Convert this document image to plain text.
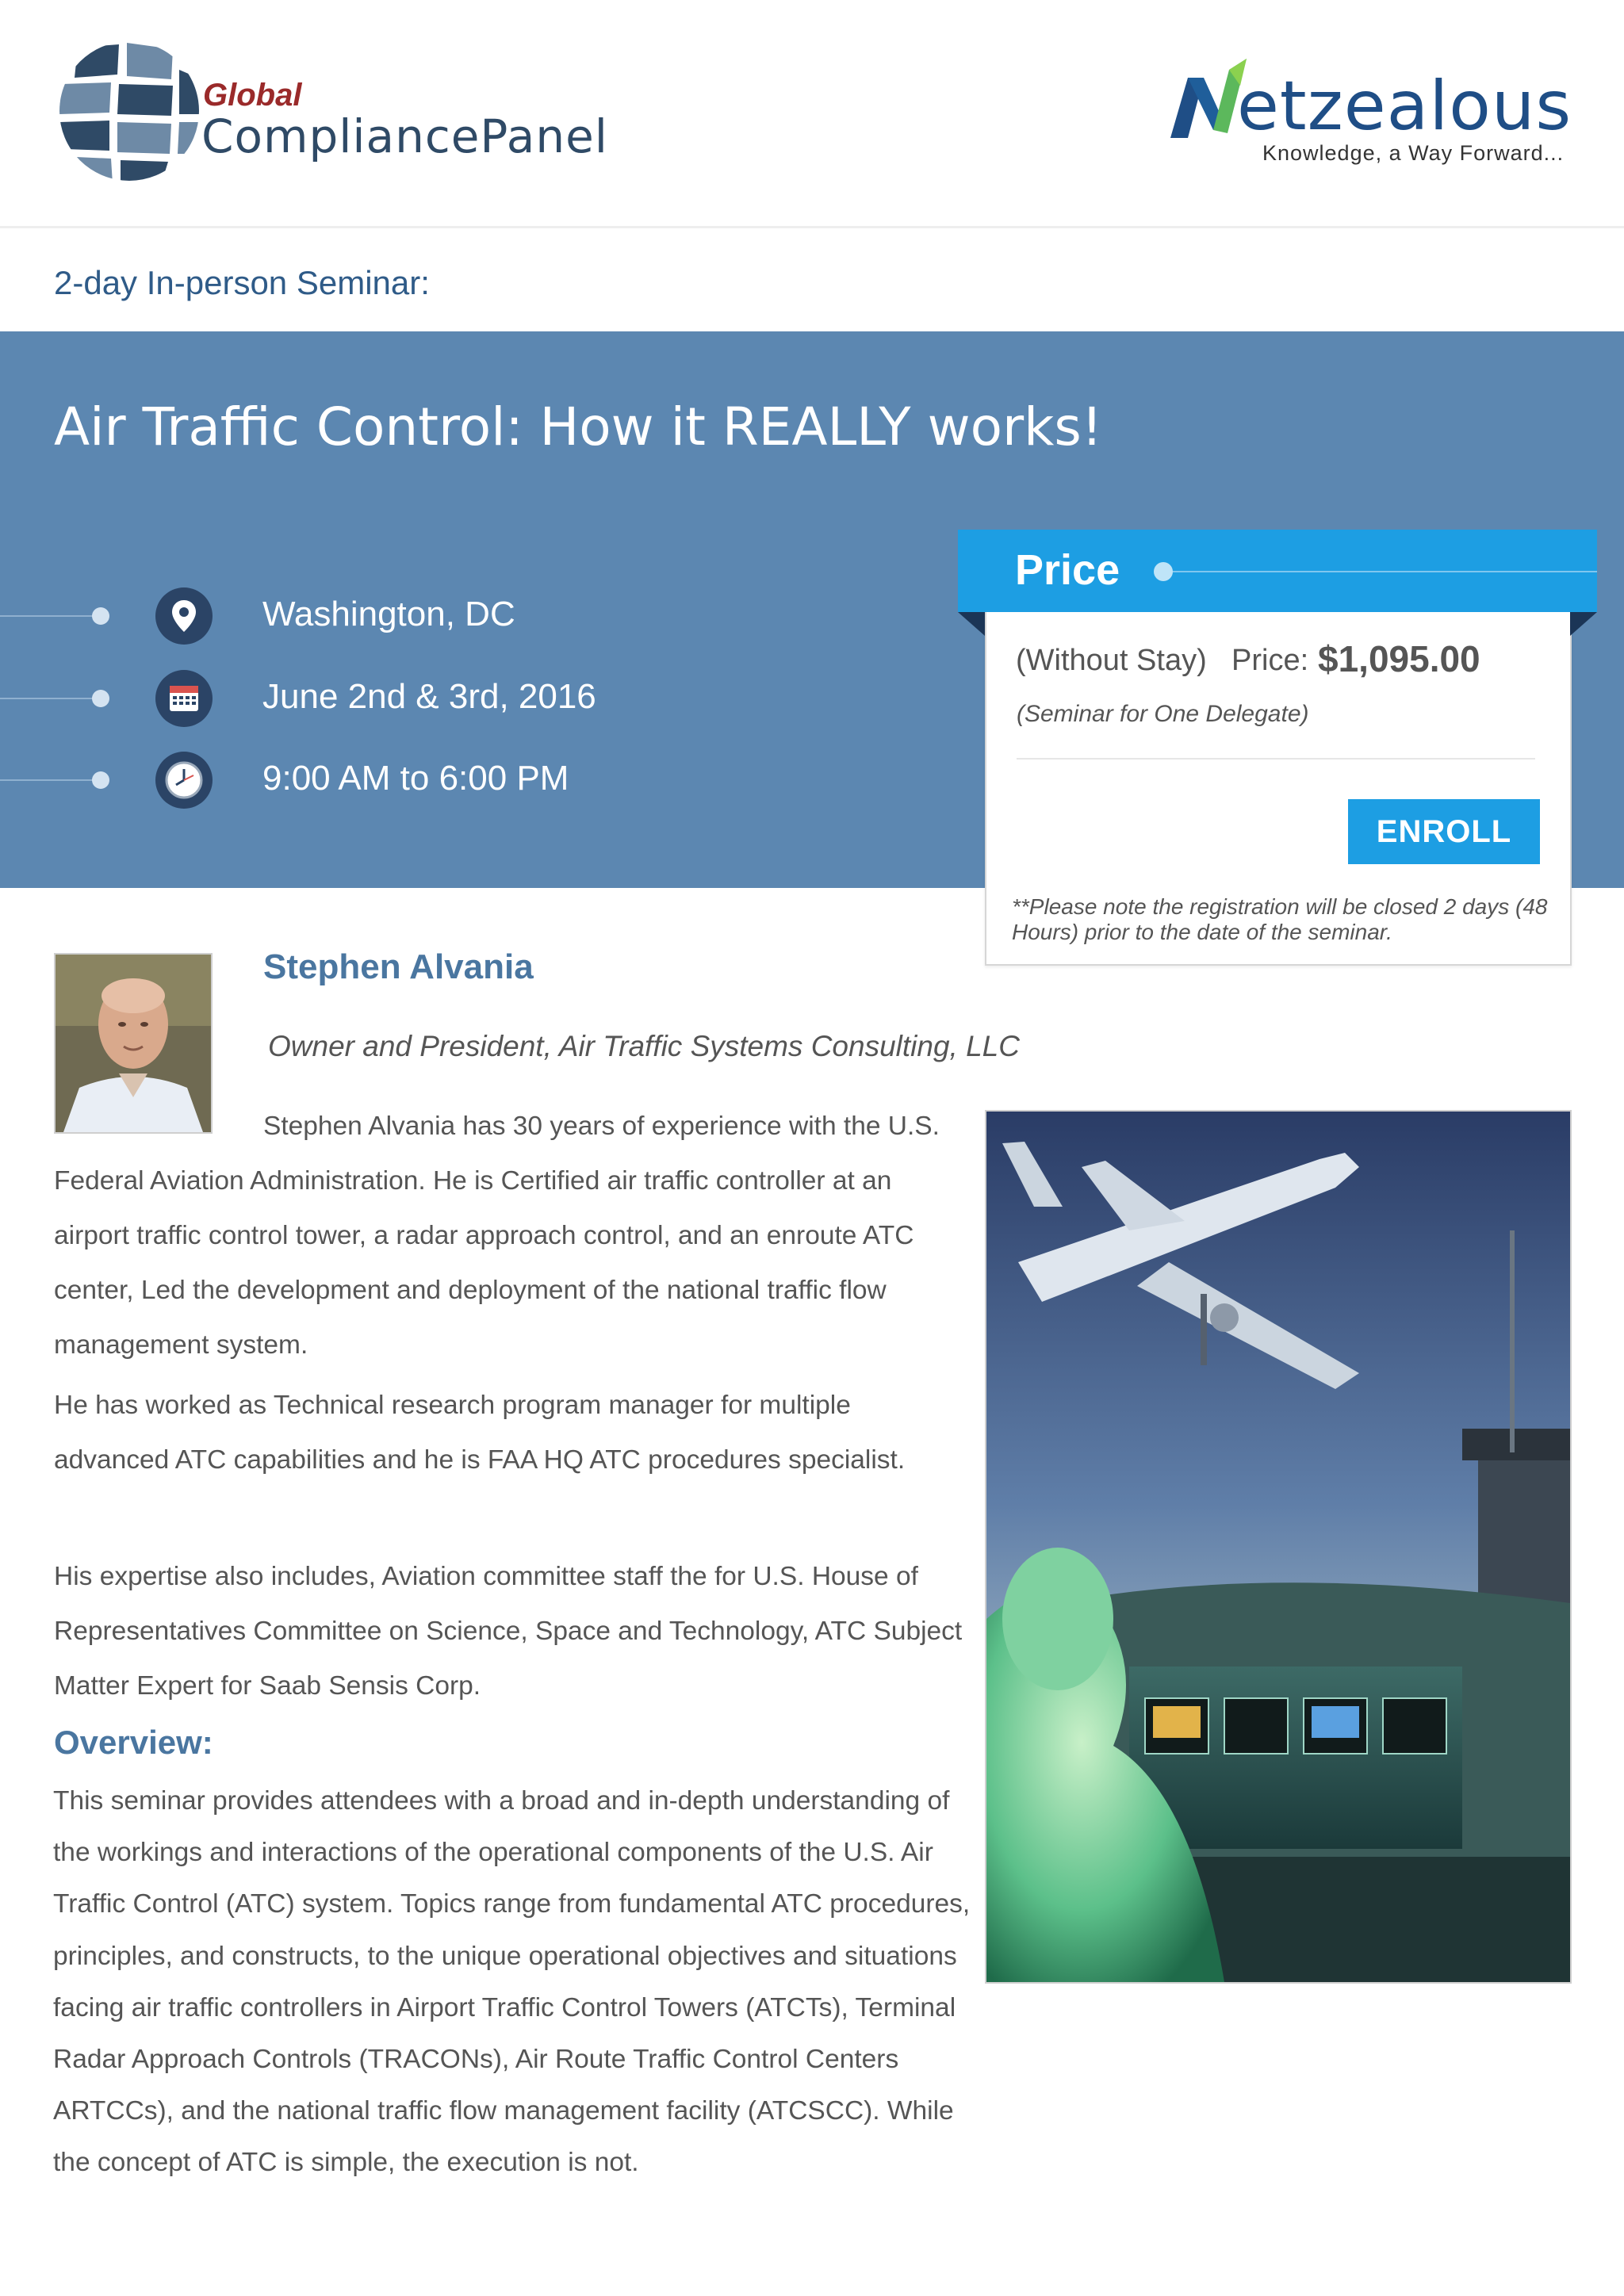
Global
CompliancePanel	etzealous
Knowledge, a Way Forward...
2-day In-person Seminar:
Air Traffic Control: How it REALLY works!
Washington, DC
June 2nd & 3rd, 2016
9:00 AM to 6:00 PM
Price
(Without Stay) Price: $1,095.00
(Seminar for One Delegate)
ENROLL
**Please note the registration will be closed 2 days (48 Hours) prior to the date of the seminar.
Stephen Alvania
Owner and President, Air Traffic Systems Consulting, LLC
Stephen Alvania has 30 years of experience with the U.S. Federal Aviation Administration. He is Certified air traffic controller at an airport traffic control tower, a radar approach control, and an enroute ATC center, Led the development and deployment of the national traffic flow management system.
He has worked as Technical research program manager for multiple advanced ATC capabilities and he is FAA HQ ATC procedures specialist.
His expertise also includes, Aviation committee staff the for U.S. House of Representatives Committee on Science, Space and Technology, ATC Subject Matter Expert for Saab Sensis Corp.
Overview:
This seminar provides attendees with a broad and in-depth understanding of the workings and interactions of the operational components of the U.S. Air Traffic Control (ATC) system. Topics range from fundamental ATC procedures, principles, and constructs, to the unique operational objectives and situations facing air traffic controllers in Airport Traffic Control Towers (ATCTs), Terminal Radar Approach Controls (TRACONs), Air Route Traffic Control Centers ARTCCs), and the national traffic flow management facility (ATCSCC). While the concept of ATC is simple, the execution is not.
